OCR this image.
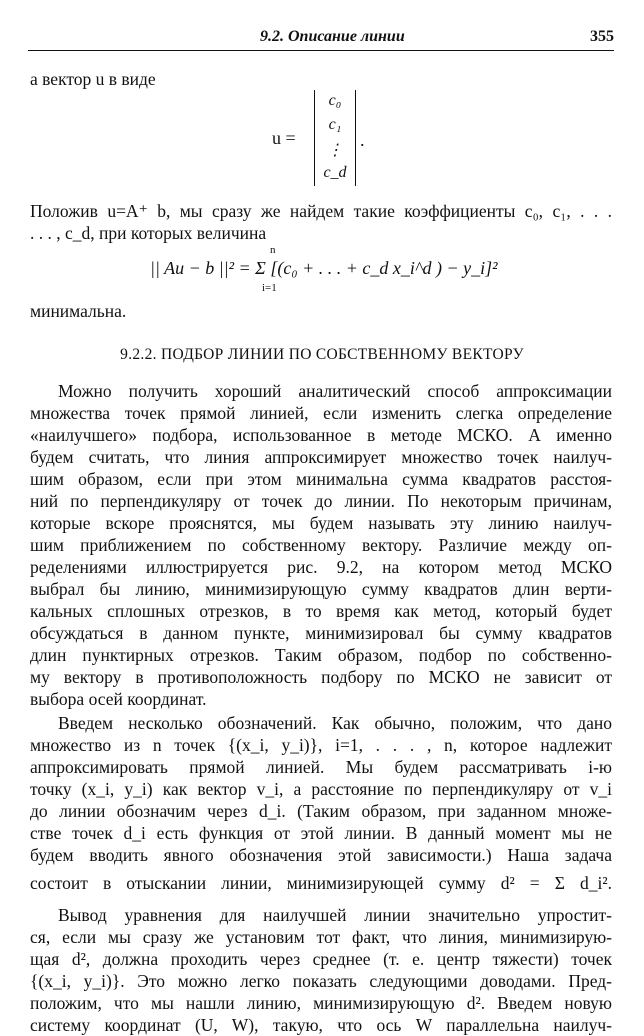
9.2. Описание линии	355
а вектор u в виде
u =
c₀
c₁
⋮
c_d
.
Положив u=A⁺ b, мы сразу же найдем такие коэффициенты c₀, c₁, . . .
. . . , c_d, при которых величина
|| Au − b ||² = Σ [(c₀ + . . . + c_d x_i^d ) − y_i]²
n
i=1
минимальна.
9.2.2. ПОДБОР ЛИНИИ ПО СОБСТВЕННОМУ ВЕКТОРУ
Можно получить хороший аналитический способ аппроксимации
множества точек прямой линией, если изменить слегка определение
«наилучшего» подбора, использованное в методе МСКО. А именно
будем считать, что линия аппроксимирует множество точек наилуч-
шим образом, если при этом минимальна сумма квадратов расстоя-
ний по перпендикуляру от точек до линии. По некоторым причинам,
которые вскоре прояснятся, мы будем называть эту линию наилуч-
шим приближением по собственному вектору. Различие между оп-
ределениями иллюстрируется рис. 9.2, на котором метод МСКО
выбрал бы линию, минимизирующую сумму квадратов длин верти-
кальных сплошных отрезков, в то время как метод, который будет
обсуждаться в данном пункте, минимизировал бы сумму квадратов
длин пунктирных отрезков. Таким образом, подбор по собственно-
му вектору в противоположность подбору по МСКО не зависит от
выбора осей координат.
Введем несколько обозначений. Как обычно, положим, что дано
множество из n точек {(x_i, y_i)}, i=1, . . . , n, которое надлежит
аппроксимировать прямой линией. Мы будем рассматривать i-ю
точку (x_i, y_i) как вектор v_i, а расстояние по перпендикуляру от v_i
до линии обозначим через d_i. (Таким образом, при заданном множе-
стве точек d_i есть функция от этой линии. В данный момент мы не
будем вводить явного обозначения этой зависимости.) Наша задача
состоит в отыскании линии, минимизирующей сумму d² = Σ d_i².
Вывод уравнения для наилучшей линии значительно упростит-
ся, если мы сразу же установим тот факт, что линия, минимизирую-
щая d², должна проходить через среднее (т. е. центр тяжести) точек
{(x_i, y_i)}. Это можно легко показать следующими доводами. Пред-
положим, что мы нашли линию, минимизирующую d². Введем новую
систему координат (U, W), такую, что ось W параллельна наилуч-
